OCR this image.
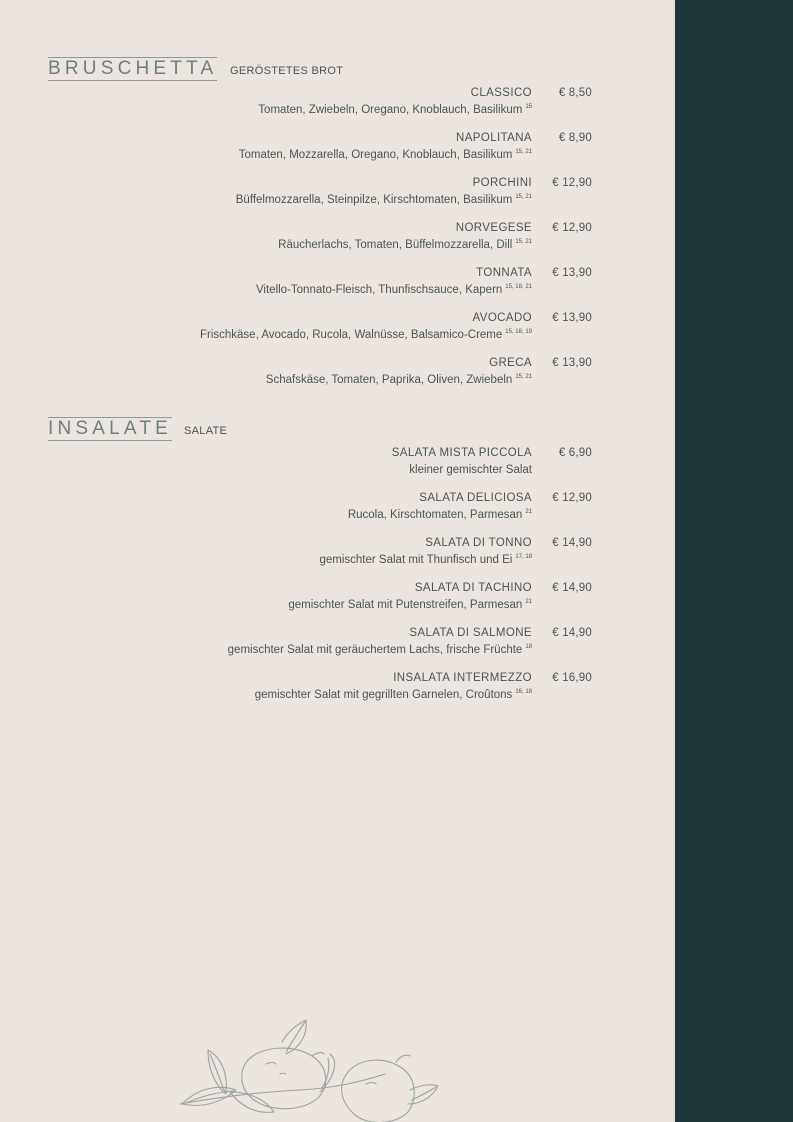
BRUSCHETTA GERÖSTETES BROT
CLASSICO € 8,50
Tomaten, Zwiebeln, Oregano, Knoblauch, Basilikum $^{15}$
NAPOLITANA € 8,90
Tomaten, Mozzarella, Oregano, Knoblauch, Basilikum $^{15, 21}$
PORCHINI € 12,90
Büffelmozzarella, Steinpilze, Kirschtomaten, Basilikum $^{15, 21}$
NORVEGESE € 12,90
Räucherlachs, Tomaten, Büffelmozzarella, Dill $^{15, 21}$
TONNATA € 13,90
Vitello-Tonnato-Fleisch, Thunfischsauce, Kapern $^{15, 18, 21}$
AVOCADO € 13,90
Frischkäse, Avocado, Rucola, Walnüsse, Balsamico-Creme $^{15, 18, 19}$
GRECA € 13,90
Schafskäse, Tomaten, Paprika, Oliven, Zwiebeln $^{15, 21}$
INSALATE SALATE
SALATA MISTA PICCOLA € 6,90
kleiner gemischter Salat
SALATA DELICIOSA € 12,90
Rucola, Kirschtomaten, Parmesan $^{21}$
SALATA DI TONNO € 14,90
gemischter Salat mit Thunfisch und Ei $^{17, 18}$
SALATA DI TACHINO € 14,90
gemischter Salat mit Putenstreifen, Parmesan $^{21}$
SALATA DI SALMONE € 14,90
gemischter Salat mit geräuchertem Lachs, frische Früchte $^{18}$
INSALATA INTERMEZZO € 16,90
gemischter Salat mit gegrillten Garnelen, Croûtons $^{16, 18}$
